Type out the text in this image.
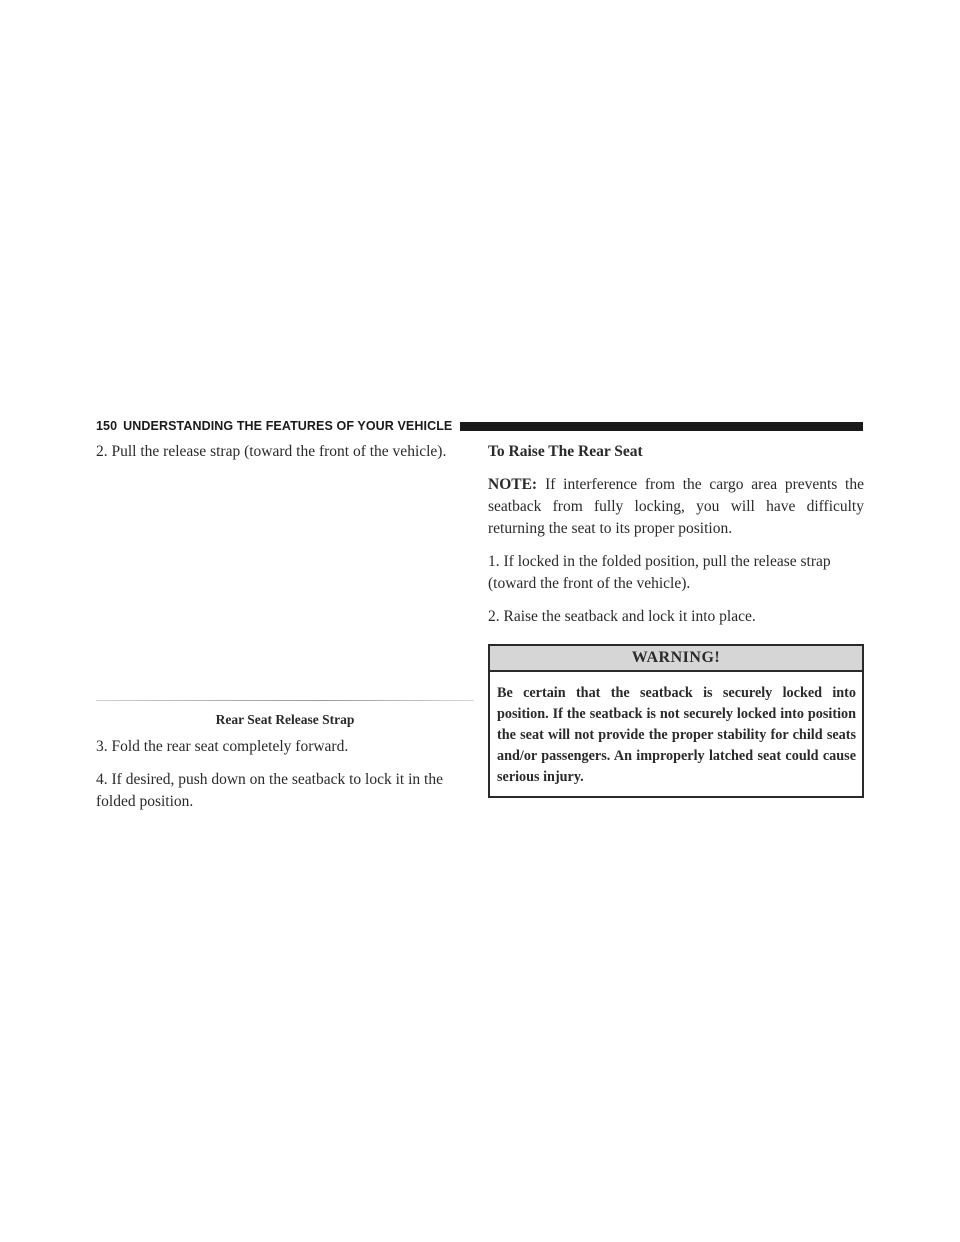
150 UNDERSTANDING THE FEATURES OF YOUR VEHICLE

2. Pull the release strap (toward the front of the vehicle).

Rear Seat Release Strap

3. Fold the rear seat completely forward.

4. If desired, push down on the seatback to lock it in the folded position.

To Raise The Rear Seat

NOTE: If interference from the cargo area prevents the seatback from fully locking, you will have difficulty returning the seat to its proper position.

1. If locked in the folded position, pull the release strap (toward the front of the vehicle).

2. Raise the seatback and lock it into place.

WARNING!
Be certain that the seatback is securely locked into position. If the seatback is not securely locked into position the seat will not provide the proper stability for child seats and/or passengers. An improperly latched seat could cause serious injury.
